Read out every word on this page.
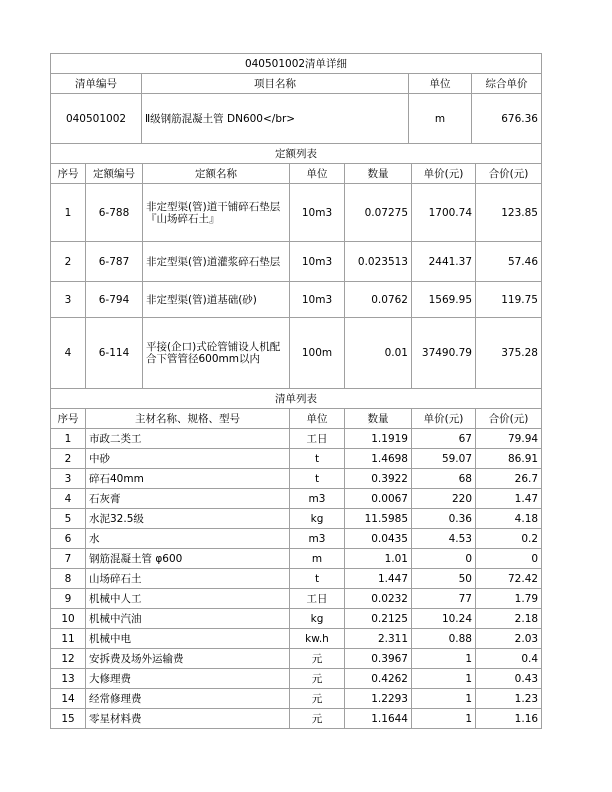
040501002清单详细			
清单编号	项目名称	单位	综合单价
040501002	Ⅱ级钢筋混凝土管 DN600</br>	m	676.36
定额列表						
序号	定额编号	定额名称	单位	数量	单价(元)	合价(元)
1	6-788	非定型渠(管)道干铺碎石垫层『山场碎石土』	10m3	0.07275	1700.74	123.85
2	6-787	非定型渠(管)道灌浆碎石垫层	10m3	0.023513	2441.37	57.46
3	6-794	非定型渠(管)道基础(砂)	10m3	0.0762	1569.95	119.75
4	6-114	平接(企口)式砼管铺设人机配合下管管径600mm以内	100m	0.01	37490.79	375.28
清单列表					
序号	主材名称、规格、型号	单位	数量	单价(元)	合价(元)
1	市政二类工	工日	1.1919	67	79.94
2	中砂	t	1.4698	59.07	86.91
3	碎石40mm	t	0.3922	68	26.7
4	石灰膏	m3	0.0067	220	1.47
5	水泥32.5级	kg	11.5985	0.36	4.18
6	水	m3	0.0435	4.53	0.2
7	钢筋混凝土管 φ600	m	1.01	0	0
8	山场碎石土	t	1.447	50	72.42
9	机械中人工	工日	0.0232	77	1.79
10	机械中汽油	kg	0.2125	10.24	2.18
11	机械中电	kw.h	2.311	0.88	2.03
12	安拆费及场外运输费	元	0.3967	1	0.4
13	大修理费	元	0.4262	1	0.43
14	经常修理费	元	1.2293	1	1.23
15	零星材料费	元	1.1644	1	1.16
